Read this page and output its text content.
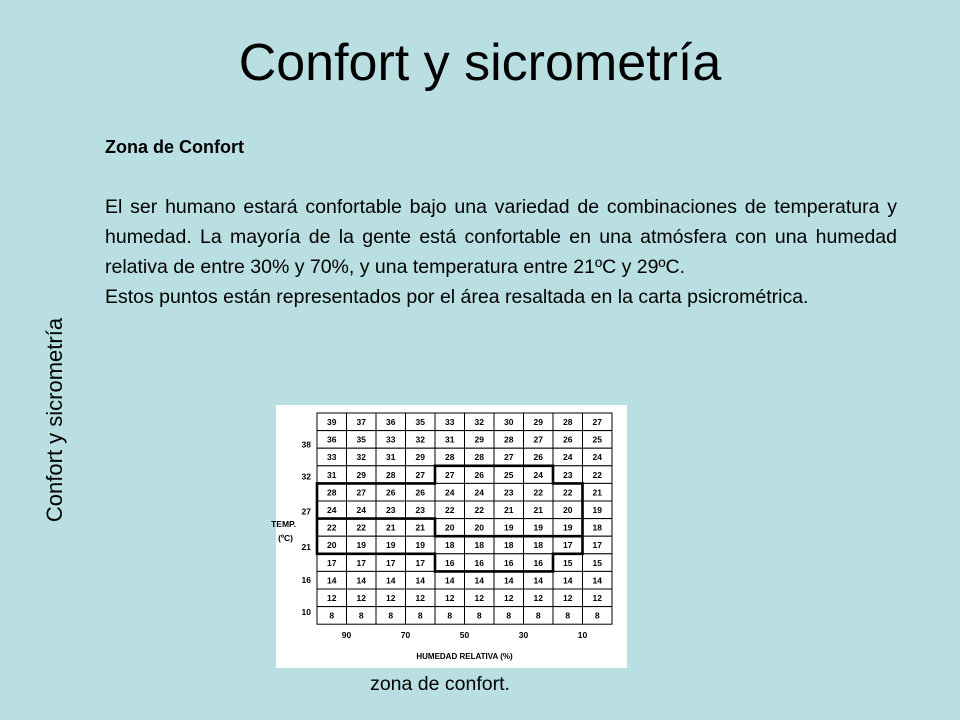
Confort y sicrometría
Confort y sicrometría
Zona de Confort

El ser humano estará confortable bajo una variedad de combinaciones de temperatura y humedad. La mayoría de la gente está confortable en una atmósfera con una humedad relativa de entre 30% y 70%, y una temperatura entre 21ºC y 29ºC.

Estos puntos están representados por el área resaltada en la carta psicrométrica.

39 37 36 35 33 32 30 29 28 27
36 35 33 32 31 29 28 27 26 25
33 32 31 29 28 28 27 26 24 24
31 29 28 27 27 26 25 24 23 22
28 27 26 26 24 24 23 22 22 21
24 24 23 23 22 22 21 21 20 19
22 22 21 21 20 20 19 19 19 18
20 19 19 19 18 18 18 18 17 17
17 17 17 17 16 16 16 16 15 15
14 14 14 14 14 14 14 14 14 14
12 12 12 12 12 12 12 12 12 12
8	8	8	8	8	8	8	8	8	8
38
32
27
21
16
10
TEMP.
(ºC)
90	70	50	30	10
HUMEDAD RELATIVA (%)
zona de confort.
